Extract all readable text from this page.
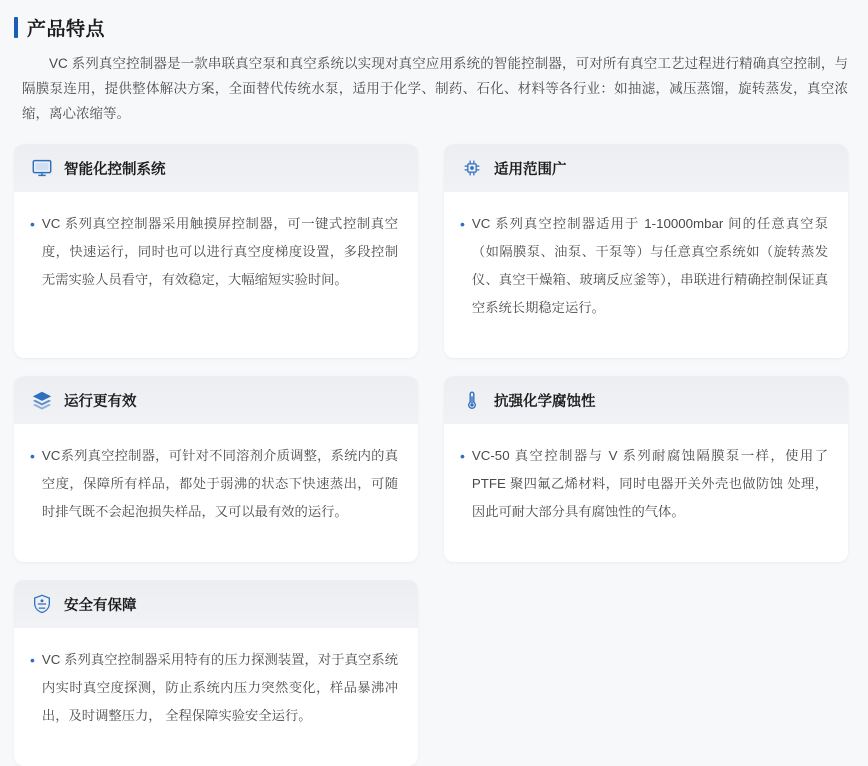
产品特点
VC 系列真空控制器是一款串联真空泵和真空系统以实现对真空应用系统的智能控制器，可对所有真空工艺过程进行精确真空控制，与隔膜泵连用，提供整体解决方案，全面替代传统水泵，适用于化学、制药、石化、材料等各行业：如抽滤，减压蒸馏，旋转蒸发，真空浓缩，离心浓缩等。
智能化控制系统
• VC 系列真空控制器采用触摸屏控制器，可一键式控制真空度，快速运行，同时也可以进行真空度梯度设置，多段控制无需实验人员看守，有效稳定，大幅缩短实验时间。
适用范围广
• VC 系列真空控制器适用于 1-10000mbar 间的任意真空泵（如隔膜泵、油泵、干泵等）与任意真空系统如（旋转蒸发仪、真空干燥箱、玻璃反应釜等），串联进行精确控制保证真空系统长期稳定运行。
运行更有效
• VC系列真空控制器，可针对不同溶剂介质调整，系统内的真空度，保障所有样品，都处于弱沸的状态下快速蒸出，可随时排气既不会起泡损失样品，又可以最有效的运行。
抗强化学腐蚀性
• VC-50 真空控制器与 V 系列耐腐蚀隔膜泵一样，使用了 PTFE 聚四氟乙烯材料，同时电器开关外壳也做防蚀 处理，因此可耐大部分具有腐蚀性的气体。
安全有保障
• VC 系列真空控制器采用特有的压力探测装置，对于真空系统内实时真空度探测，防止系统内压力突然变化，样品暴沸冲出，及时调整压力， 全程保障实验安全运行。
